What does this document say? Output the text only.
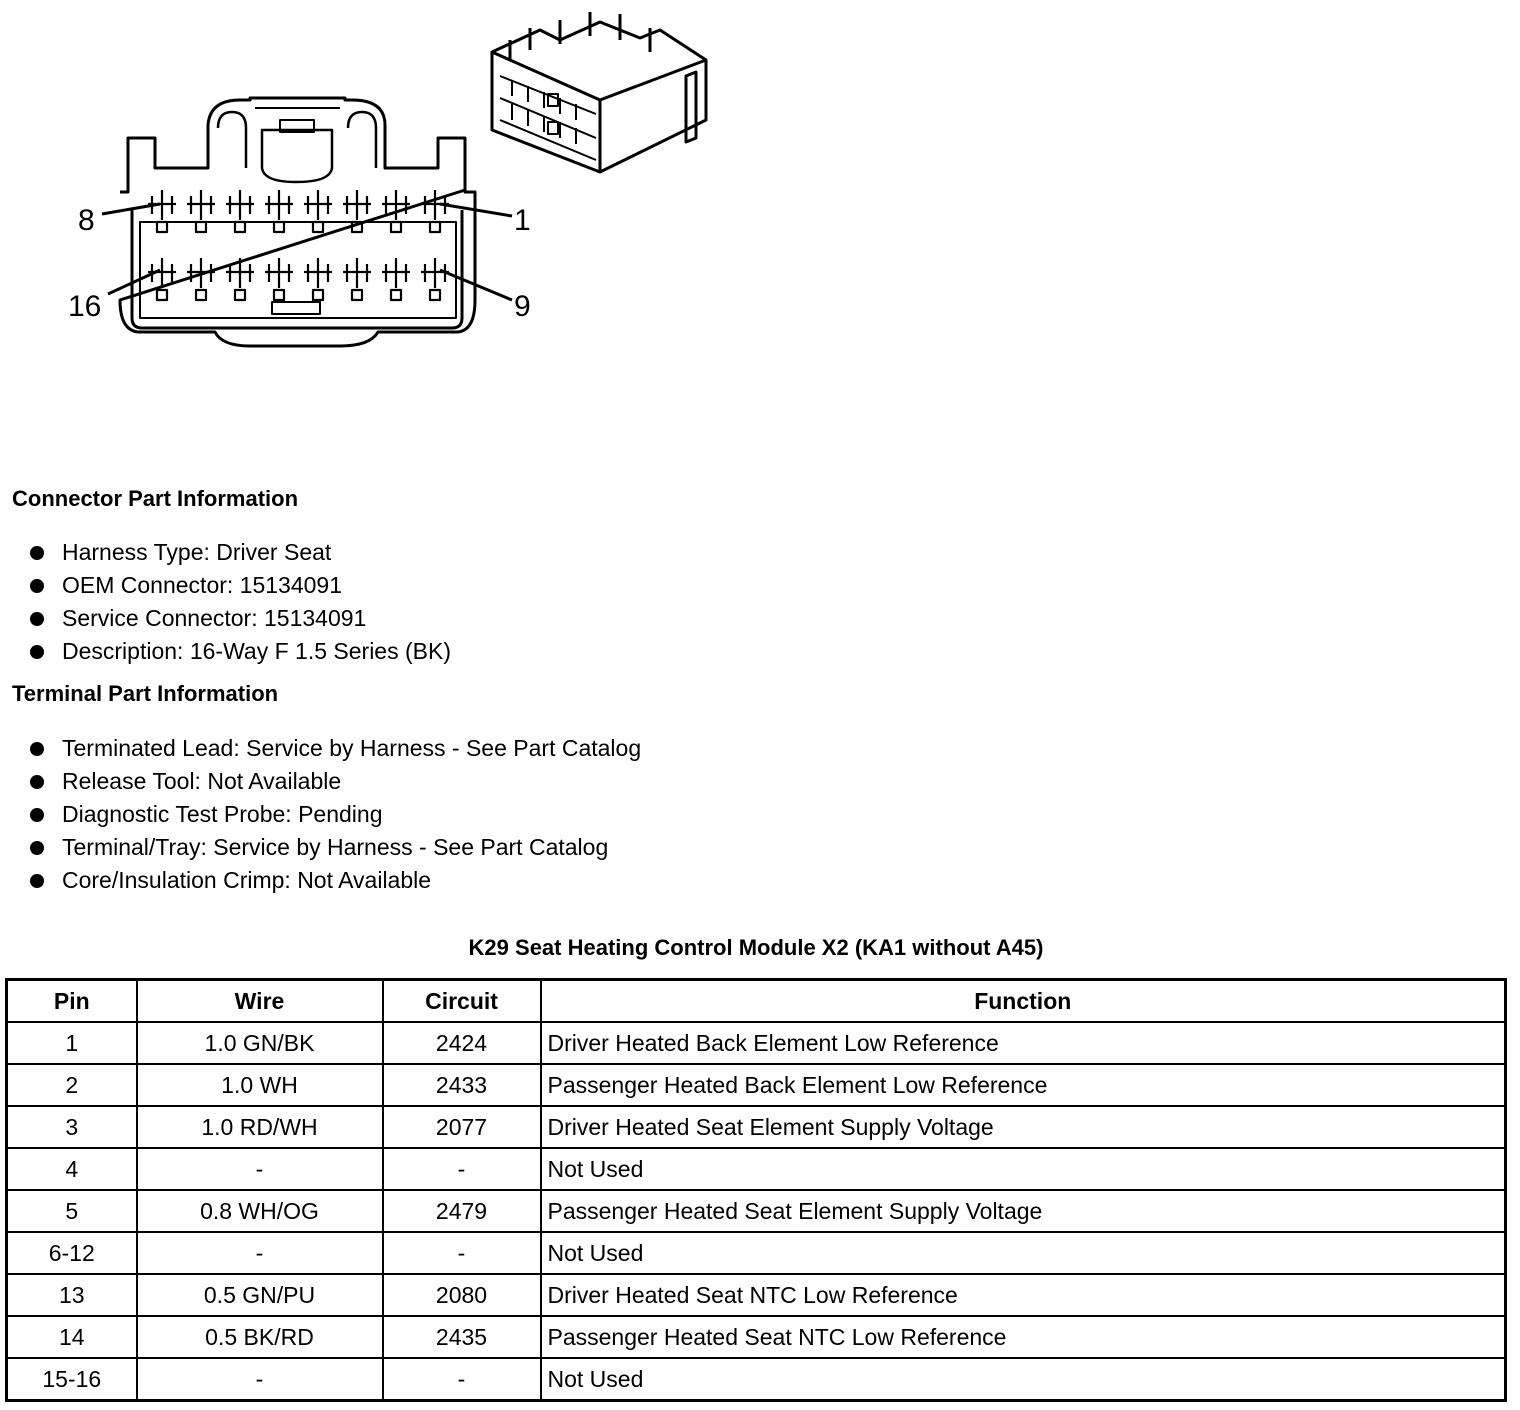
8	1
16	9
Connector Part Information
Harness Type: Driver Seat
OEM Connector: 15134091
Service Connector: 15134091
Description: 16-Way F 1.5 Series (BK)
Terminal Part Information
Terminated Lead: Service by Harness - See Part Catalog
Release Tool: Not Available
Diagnostic Test Probe: Pending
Terminal/Tray: Service by Harness - See Part Catalog
Core/Insulation Crimp: Not Available
K29 Seat Heating Control Module X2 (KA1 without A45)
Pin	Wire	Circuit	Function
1	1.0 GN/BK	2424	Driver Heated Back Element Low Reference
2	1.0 WH	2433	Passenger Heated Back Element Low Reference
3	1.0 RD/WH	2077	Driver Heated Seat Element Supply Voltage
4	-	-	Not Used
5	0.8 WH/OG	2479	Passenger Heated Seat Element Supply Voltage
6-12	-	-	Not Used
13	0.5 GN/PU	2080	Driver Heated Seat NTC Low Reference
14	0.5 BK/RD	2435	Passenger Heated Seat NTC Low Reference
15-16	-	-	Not Used
